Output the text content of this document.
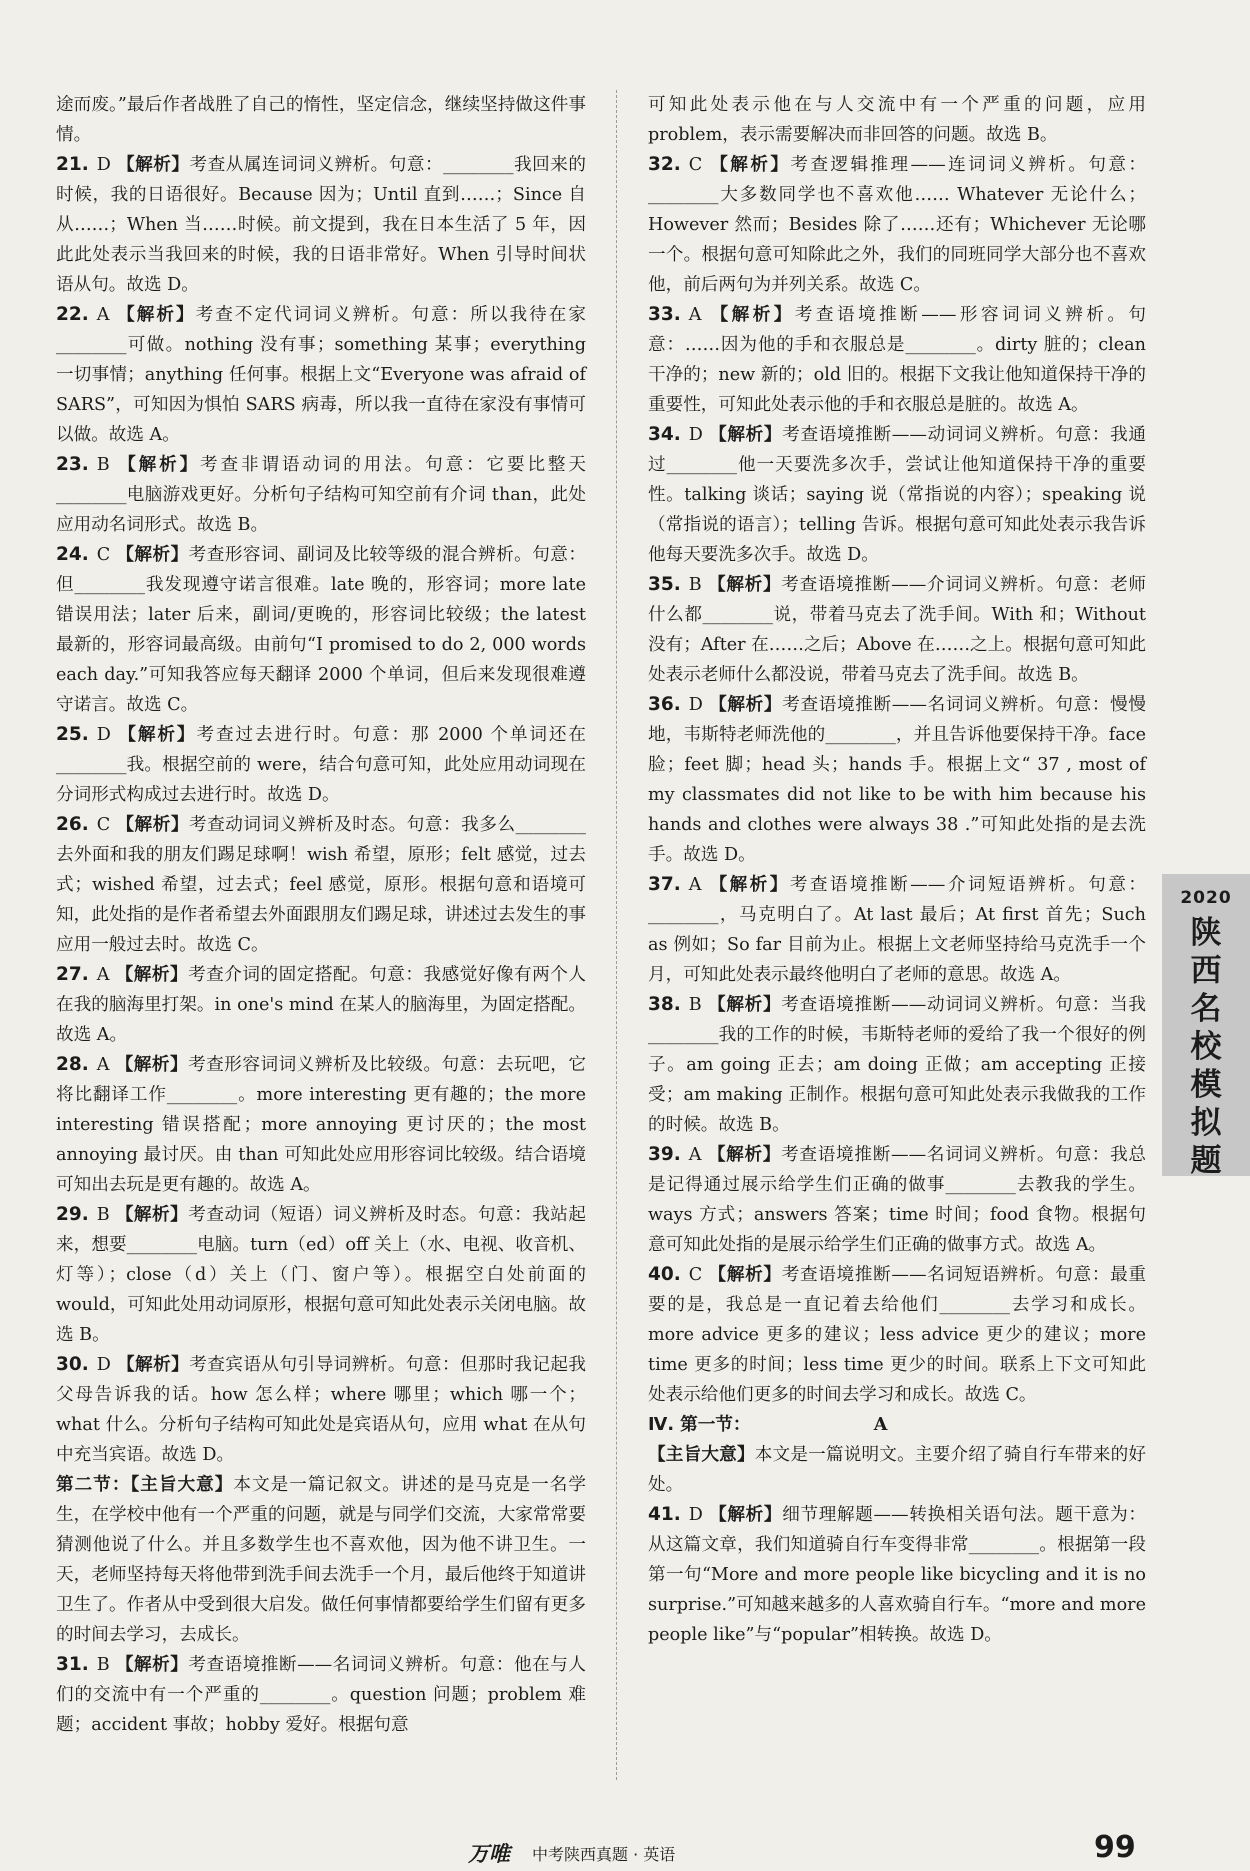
途而废。”最后作者战胜了自己的惰性，坚定信念，继续坚持做这件事情。

21. D 【解析】考查从属连词词义辨析。句意：________我回来的时候，我的日语很好。Because 因为；Until 直到……；Since 自从……；When 当……时候。前文提到，我在日本生活了 5 年，因此此处表示当我回来的时候，我的日语非常好。When 引导时间状语从句。故选 D。

22. A 【解析】考查不定代词词义辨析。句意：所以我待在家________可做。nothing 没有事；something 某事；everything一切事情；anything 任何事。根据上文“Everyone was afraid of SARS”，可知因为惧怕 SARS 病毒，所以我一直待在家没有事情可以做。故选 A。

23. B 【解析】考查非谓语动词的用法。句意：它要比整天________电脑游戏更好。分析句子结构可知空前有介词 than，此处应用动名词形式。故选 B。

24. C 【解析】考查形容词、副词及比较等级的混合辨析。句意：但________我发现遵守诺言很难。late 晚的，形容词；more late 错误用法；later 后来，副词/更晚的，形容词比较级；the latest 最新的，形容词最高级。由前句“I promised to do 2, 000 words each day.”可知我答应每天翻译 2000 个单词，但后来发现很难遵守诺言。故选 C。

25. D 【解析】考查过去进行时。句意：那 2000 个单词还在________我。根据空前的 were，结合句意可知，此处应用动词现在分词形式构成过去进行时。故选 D。

26. C 【解析】考查动词词义辨析及时态。句意：我多么________去外面和我的朋友们踢足球啊！wish 希望，原形；felt 感觉，过去式；wished 希望，过去式；feel 感觉，原形。根据句意和语境可知，此处指的是作者希望去外面跟朋友们踢足球，讲述过去发生的事应用一般过去时。故选 C。

27. A 【解析】考查介词的固定搭配。句意：我感觉好像有两个人在我的脑海里打架。in one's mind 在某人的脑海里，为固定搭配。故选 A。

28. A 【解析】考查形容词词义辨析及比较级。句意：去玩吧，它将比翻译工作________。more interesting 更有趣的；the more interesting 错误搭配；more annoying 更讨厌的；the most annoying 最讨厌。由 than 可知此处应用形容词比较级。结合语境可知出去玩是更有趣的。故选 A。

29. B 【解析】考查动词（短语）词义辨析及时态。句意：我站起来，想要________电脑。turn（ed）off 关上（水、电视、收音机、灯等）；close（d）关上（门、窗户等）。根据空白处前面的 would，可知此处用动词原形，根据句意可知此处表示关闭电脑。故选 B。

30. D 【解析】考查宾语从句引导词辨析。句意：但那时我记起我父母告诉我的话。how 怎么样；where 哪里；which 哪一个；what 什么。分析句子结构可知此处是宾语从句，应用 what 在从句中充当宾语。故选 D。

第二节：【主旨大意】本文是一篇记叙文。讲述的是马克是一名学生，在学校中他有一个严重的问题，就是与同学们交流，大家常常要猜测他说了什么。并且多数学生也不喜欢他，因为他不讲卫生。一天，老师坚持每天将他带到洗手间去洗手一个月，最后他终于知道讲卫生了。作者从中受到很大启发。做任何事情都要给学生们留有更多的时间去学习，去成长。

31. B 【解析】考查语境推断——名词词义辨析。句意：他在与人们的交流中有一个严重的________。question 问题；problem 难题；accident 事故；hobby 爱好。根据句意

可知此处表示他在与人交流中有一个严重的问题，应用 problem，表示需要解决而非回答的问题。故选 B。

32. C 【解析】考查逻辑推理——连词词义辨析。句意：________大多数同学也不喜欢他…… Whatever 无论什么；However 然而；Besides 除了……还有；Whichever 无论哪一个。根据句意可知除此之外，我们的同班同学大部分也不喜欢他，前后两句为并列关系。故选 C。

33. A 【解析】考查语境推断——形容词词义辨析。句意：……因为他的手和衣服总是________。dirty 脏的；clean 干净的；new 新的；old 旧的。根据下文我让他知道保持干净的重要性，可知此处表示他的手和衣服总是脏的。故选 A。

34. D 【解析】考查语境推断——动词词义辨析。句意：我通过________他一天要洗多次手，尝试让他知道保持干净的重要性。talking 谈话；saying 说（常指说的内容）；speaking 说（常指说的语言）；telling 告诉。根据句意可知此处表示我告诉他每天要洗多次手。故选 D。

35. B 【解析】考查语境推断——介词词义辨析。句意：老师什么都________说，带着马克去了洗手间。With 和；Without 没有；After 在……之后；Above 在……之上。根据句意可知此处表示老师什么都没说，带着马克去了洗手间。故选 B。

36. D 【解析】考查语境推断——名词词义辨析。句意：慢慢地，韦斯特老师洗他的________，并且告诉他要保持干净。face 脸；feet 脚；head 头；hands 手。根据上文“ 37 , most of my classmates did not like to be with him because his hands and clothes were always 38 .”可知此处指的是去洗手。故选 D。

37. A 【解析】考查语境推断——介词短语辨析。句意：________，马克明白了。At last 最后；At first 首先；Such as 例如；So far 目前为止。根据上文老师坚持给马克洗手一个月，可知此处表示最终他明白了老师的意思。故选 A。

38. B 【解析】考查语境推断——动词词义辨析。句意：当我________我的工作的时候，韦斯特老师的爱给了我一个很好的例子。am going 正去；am doing 正做；am accepting 正接受；am making 正制作。根据句意可知此处表示我做我的工作的时候。故选 B。

39. A 【解析】考查语境推断——名词词义辨析。句意：我总是记得通过展示给学生们正确的做事________去教我的学生。ways 方式；answers 答案；time 时间；food 食物。根据句意可知此处指的是展示给学生们正确的做事方式。故选 A。

40. C 【解析】考查语境推断——名词短语辨析。句意：最重要的是，我总是一直记着去给他们________去学习和成长。more advice 更多的建议；less advice 更少的建议；more time 更多的时间；less time 更少的时间。联系上下文可知此处表示给他们更多的时间去学习和成长。故选 C。

Ⅳ. 第一节：	A

【主旨大意】本文是一篇说明文。主要介绍了骑自行车带来的好处。

41. D 【解析】细节理解题——转换相关语句法。题干意为：从这篇文章，我们知道骑自行车变得非常________。根据第一段第一句“More and more people like bicycling and it is no surprise.”可知越来越多的人喜欢骑自行车。“more and more people like”与“popular”相转换。故选 D。

2020
陕西名校模拟题
万唯 中考陕西真题 · 英语	99
